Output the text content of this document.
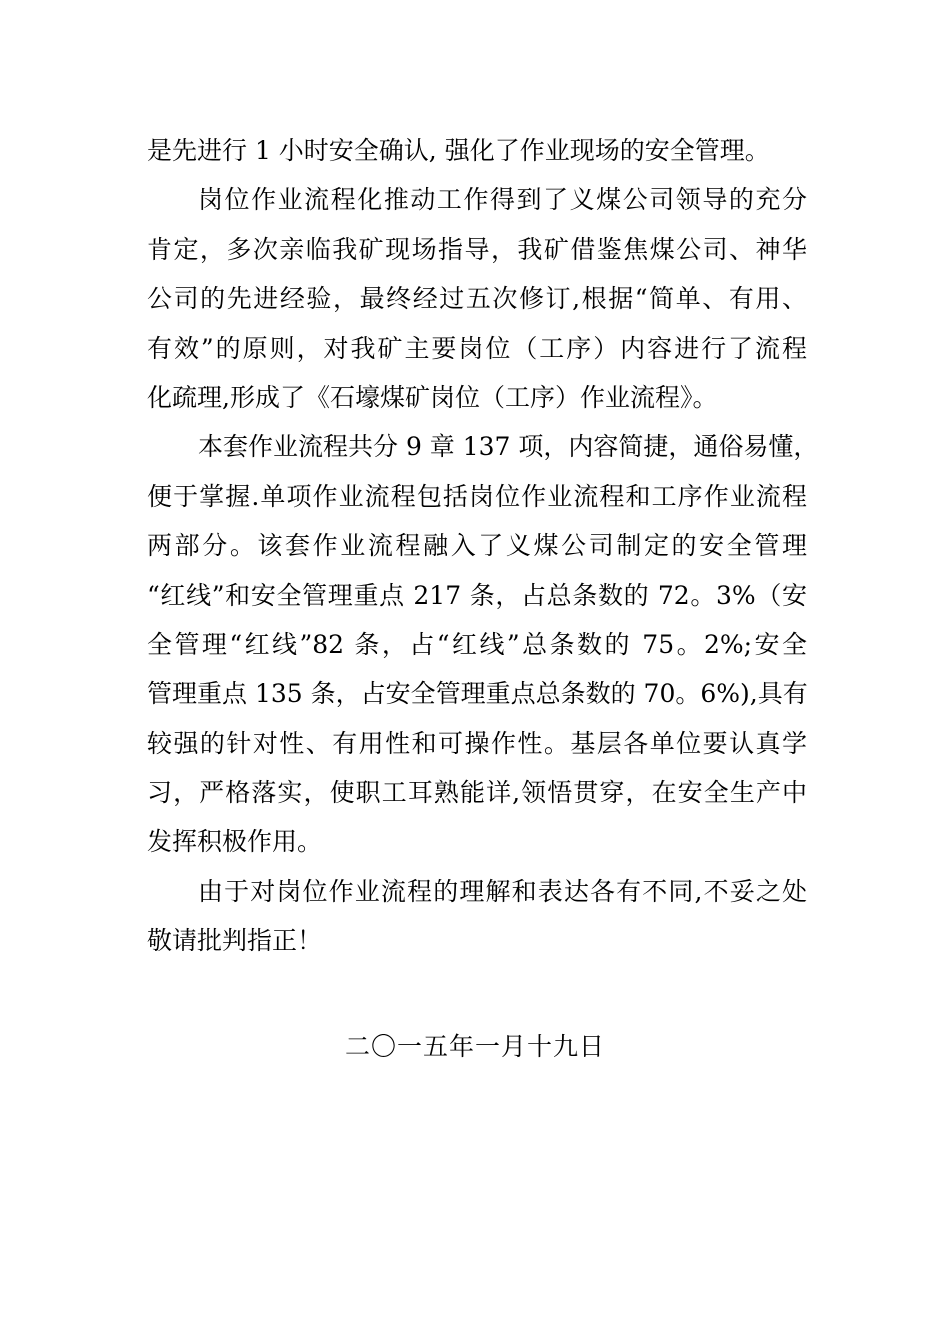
是先进行 1 小时安全确认, 强化了作业现场的安全管理。
岗位作业流程化推动工作得到了义煤公司领导的充分
肯定，多次亲临我矿现场指导，我矿借鉴焦煤公司、神华
公司的先进经验，最终经过五次修订,根据“简单、有用、
有效”的原则，对我矿主要岗位（工序）内容进行了流程
化疏理,形成了《石壕煤矿岗位（工序）作业流程》。
本套作业流程共分 9 章 137 项，内容简捷，通俗易懂，
便于掌握.单项作业流程包括岗位作业流程和工序作业流程
两部分。该套作业流程融入了义煤公司制定的安全管理
“红线”和安全管理重点 217 条，占总条数的 72。3%（安
全管理“红线”82 条，占“红线”总条数的 75。2%;安全
管理重点 135 条，占安全管理重点总条数的 70。6%),具有
较强的针对性、有用性和可操作性。基层各单位要认真学
习，严格落实，使职工耳熟能详,领悟贯穿，在安全生产中
发挥积极作用。
由于对岗位作业流程的理解和表达各有不同,不妥之处
敬请批判指正！
二〇一五年一月十九日
